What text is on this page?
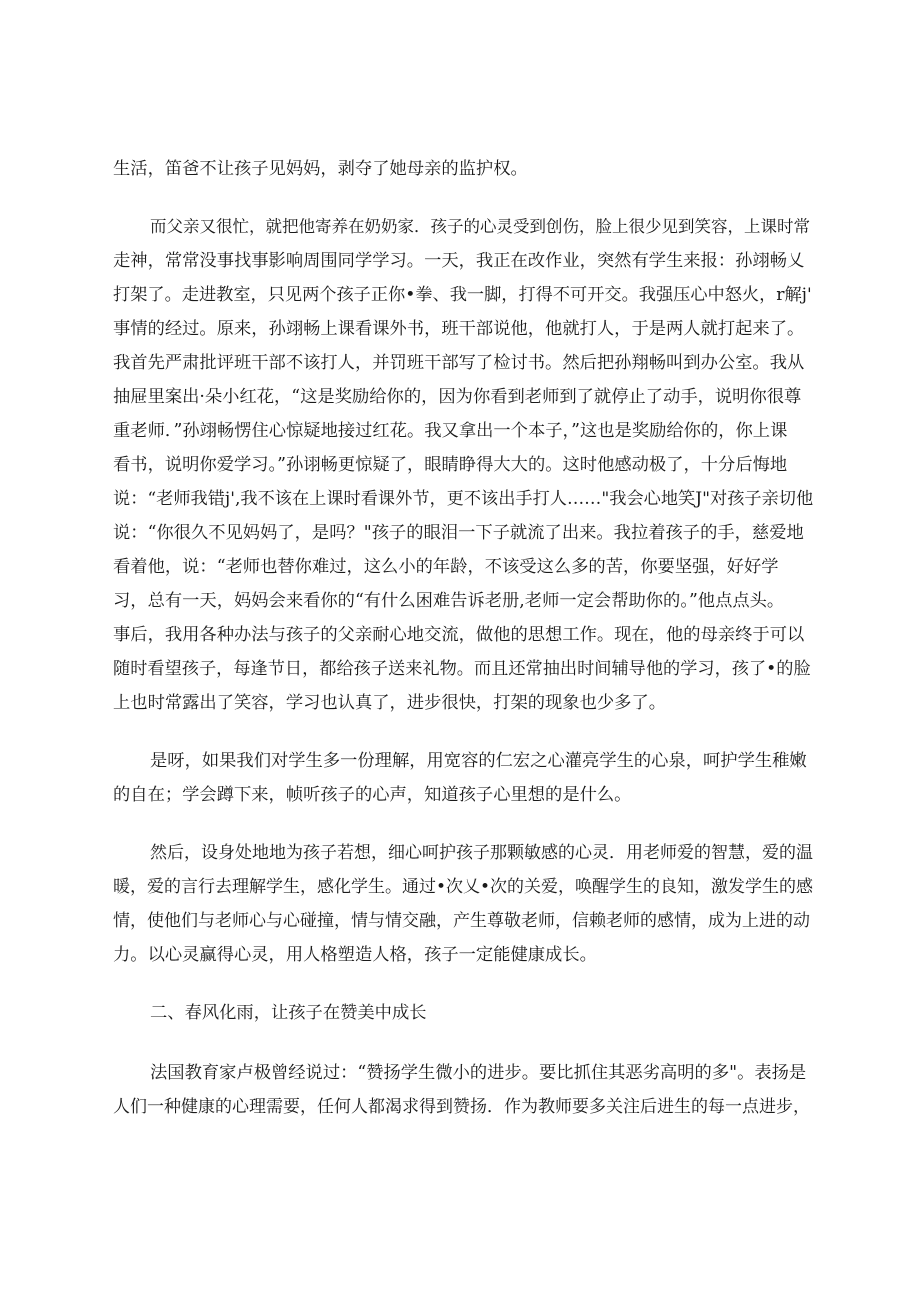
生活，笛爸不让孩子见妈妈，剥夺了她母亲的监护权。

而父亲又很忙，就把他寄养在奶奶家．孩子的心灵受到创伤，脸上很少见到笑容，上课时常

走神，常常没事找事影响周围同学学习。一天，我正在改作业，突然有学生来报：孙翊畅乂

打架了。走进教室，只见两个孩子正你•拳、我一脚，打得不可开交。我强压心中怒火，r解j'

事情的经过。原来，孙翊畅上课看课外书，班干部说他，他就打人，于是两人就打起来了。

我首先严肃批评班干部不该打人，并罚班干部写了检讨书。然后把孙翔畅叫到办公室。我从

抽屉里案出·朵小红花，“这是奖励给你的，因为你看到老师到了就停止了动手，说明你很尊

重老师．”孙翊畅愣住心惊疑地接过红花。我又拿出一个本子，”这也是奖励给你的，你上课

看书，说明你爱学习。”孙诩畅更惊疑了，眼睛睁得大大的。这时他感动极了，十分后悔地

说：“老师我错j',我不该在上课时看课外节，更不该出手打人……"我会心地笑J"对孩子亲切他

说：“你很久不见妈妈了，是吗？"孩子的眼泪一下子就流了出来。我拉着孩子的手，慈爱地

看着他，说：“老师也替你难过，这么小的年龄，不该受这么多的苦，你要坚强，好好学

习，总有一天，妈妈会来看你的“有什么困难告诉老册,老师一定会帮助你的。”他点点头。

事后，我用各种办法与孩子的父亲耐心地交流，做他的思想工作。现在，他的母亲终于可以

随时看望孩子，每逢节日，都给孩子送来礼物。而且还常抽出时间辅导他的学习，孩了•的脸

上也时常露出了笑容，学习也认真了，进步很快，打架的现象也少多了。

是呀，如果我们对学生多一份理解，用宽容的仁宏之心灌亮学生的心泉，呵护学生稚嫩

的自在；学会蹲下来，帧听孩子的心声，知道孩子心里想的是什么。

然后，设身处地地为孩子若想，细心呵护孩子那颗敏感的心灵．用老师爱的智慧，爱的温

暖，爱的言行去理解学生，感化学生。通过•次乂•次的关爱，唤醒学生的良知，激发学生的感

情，使他们与老师心与心碰撞，情与情交融，产生尊敬老师，信赖老师的感情，成为上进的动

力。以心灵赢得心灵，用人格塑造人格，孩子一定能健康成长。

二、春风化雨，让孩子在赞美中成长

法国教育家卢极曾经说过：“赞扬学生微小的进步。要比抓住其恶劣高明的多"。表扬是

人们一种健康的心理需要，任何人都渴求得到赞扬．作为教师要多关注后进生的每一点进步，
